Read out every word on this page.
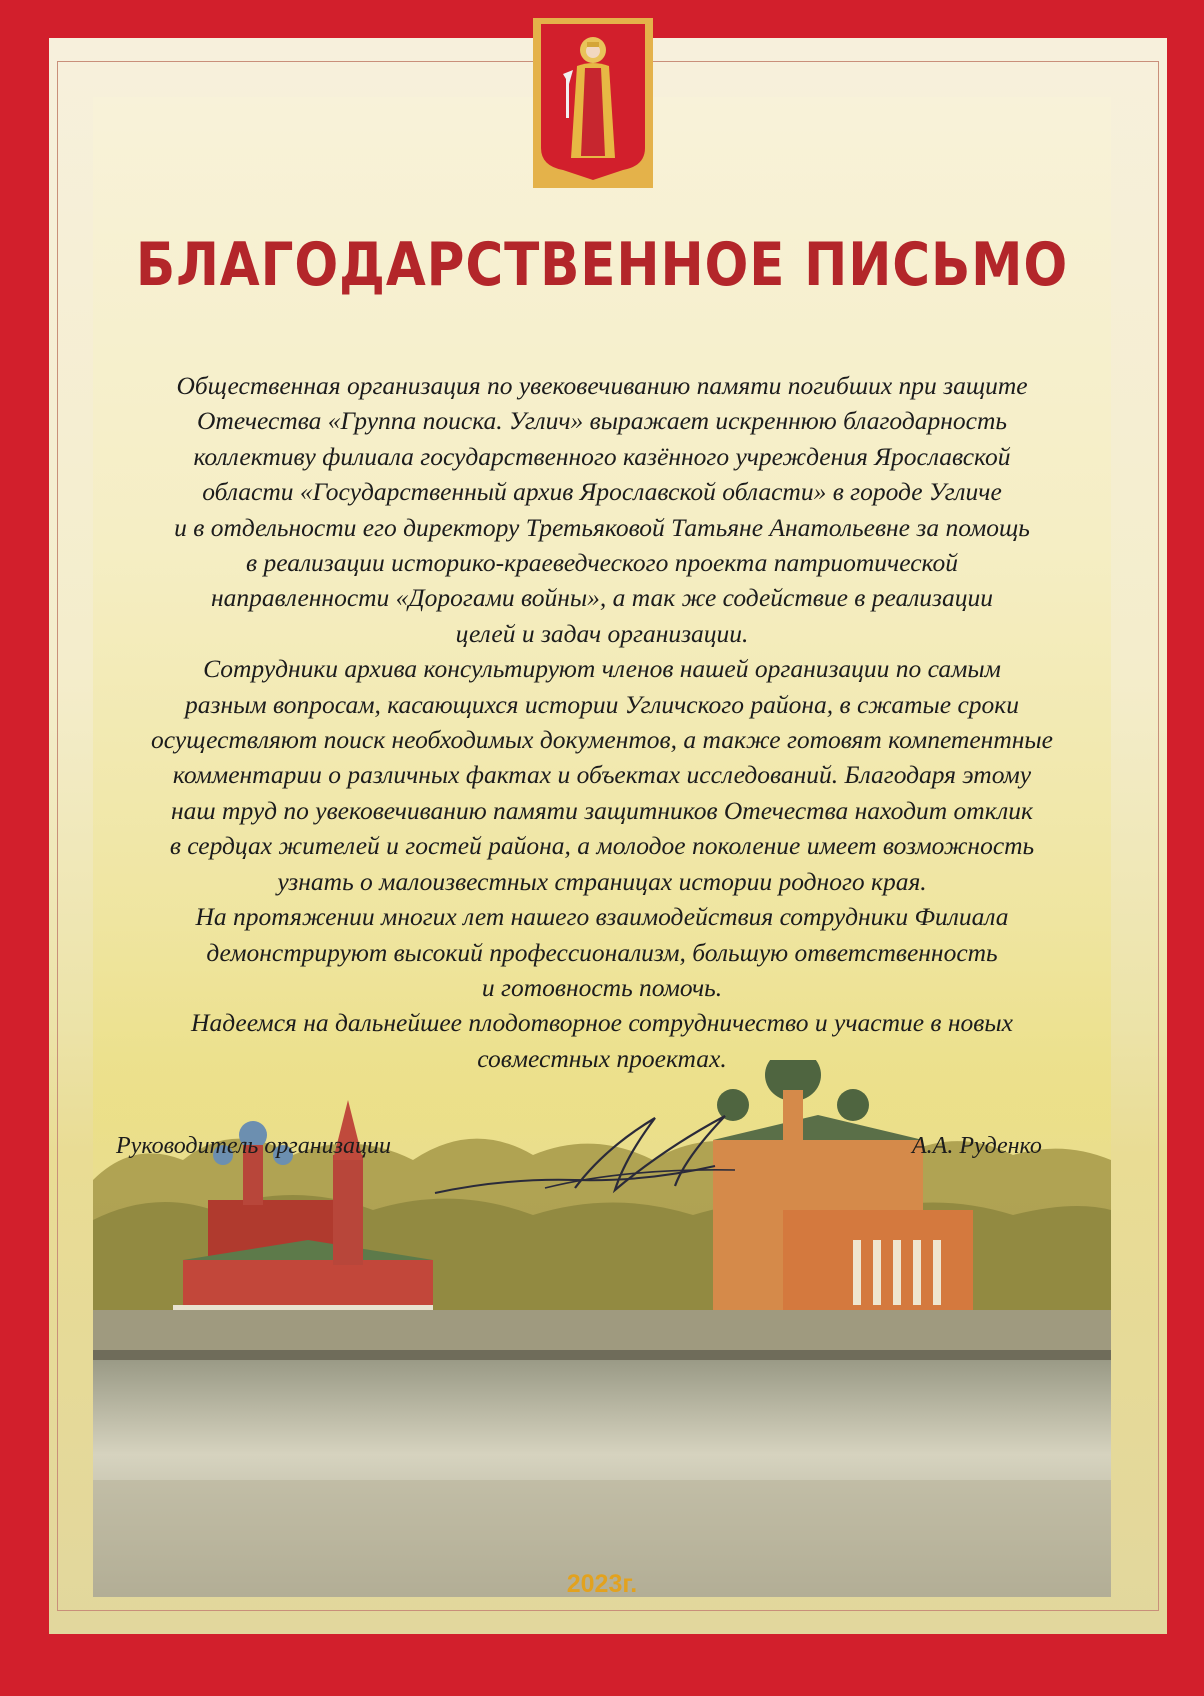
БЛАГОДАРСТВЕННОЕ ПИСЬМО
Общественная организация по увековечиванию памяти погибших при защите
Отечества «Группа поиска. Углич» выражает искреннюю благодарность
коллективу филиала государственного казённого учреждения Ярославской
области «Государственный архив Ярославской области» в городе Угличе
и в отдельности его директору Третьяковой Татьяне Анатольевне за помощь
в реализации историко-краеведческого проекта патриотической
направленности «Дорогами войны», а так же содействие в реализации
целей и задач организации.
Сотрудники архива консультируют членов нашей организации по самым
разным вопросам, касающихся истории Угличского района, в сжатые сроки
осуществляют поиск необходимых документов, а также готовят компетентные
комментарии о различных фактах и объектах исследований. Благодаря этому
наш труд по увековечиванию памяти защитников Отечества находит отклик
в сердцах жителей и гостей района, а молодое поколение имеет возможность
узнать о малоизвестных страницах истории родного края.
На протяжении многих лет нашего взаимодействия сотрудники Филиала
демонстрируют высокий профессионализм, большую ответственность
и готовность помочь.
Надеемся на дальнейшее плодотворное сотрудничество и участие в новых
совместных проектах.
Руководитель организации	А.А. Руденко
2023г.
